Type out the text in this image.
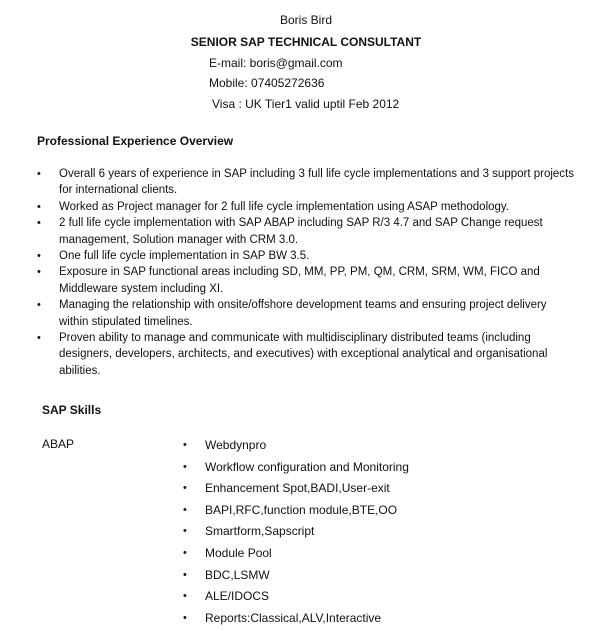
Boris Bird
SENIOR SAP TECHNICAL CONSULTANT
E-mail: boris@gmail.com
Mobile: 07405272636
Visa : UK Tier1 valid uptil Feb 2012
Professional Experience Overview
• Overall 6 years of experience in SAP including 3 full life cycle implementations and 3 support projects for international clients.
• Worked as Project manager for 2 full life cycle implementation using ASAP methodology.
• 2 full life cycle implementation with SAP ABAP including SAP R/3 4.7 and SAP Change request management, Solution manager with CRM 3.0.
• One full life cycle implementation in SAP BW 3.5.
• Exposure in SAP functional areas including SD, MM, PP, PM, QM, CRM, SRM, WM, FICO and Middleware system including XI.
• Managing the relationship with onsite/offshore development teams and ensuring project delivery within stipulated timelines.
• Proven ability to manage and communicate with multidisciplinary distributed teams (including designers, developers, architects, and executives) with exceptional analytical and organisational abilities.
SAP Skills
ABAP	• Webdynpro
• Workflow configuration and Monitoring
• Enhancement Spot,BADI,User-exit
• BAPI,RFC,function module,BTE,OO
• Smartform,Sapscript
• Module Pool
• BDC,LSMW
• ALE/IDOCS
• Reports:Classical,ALV,Interactive
